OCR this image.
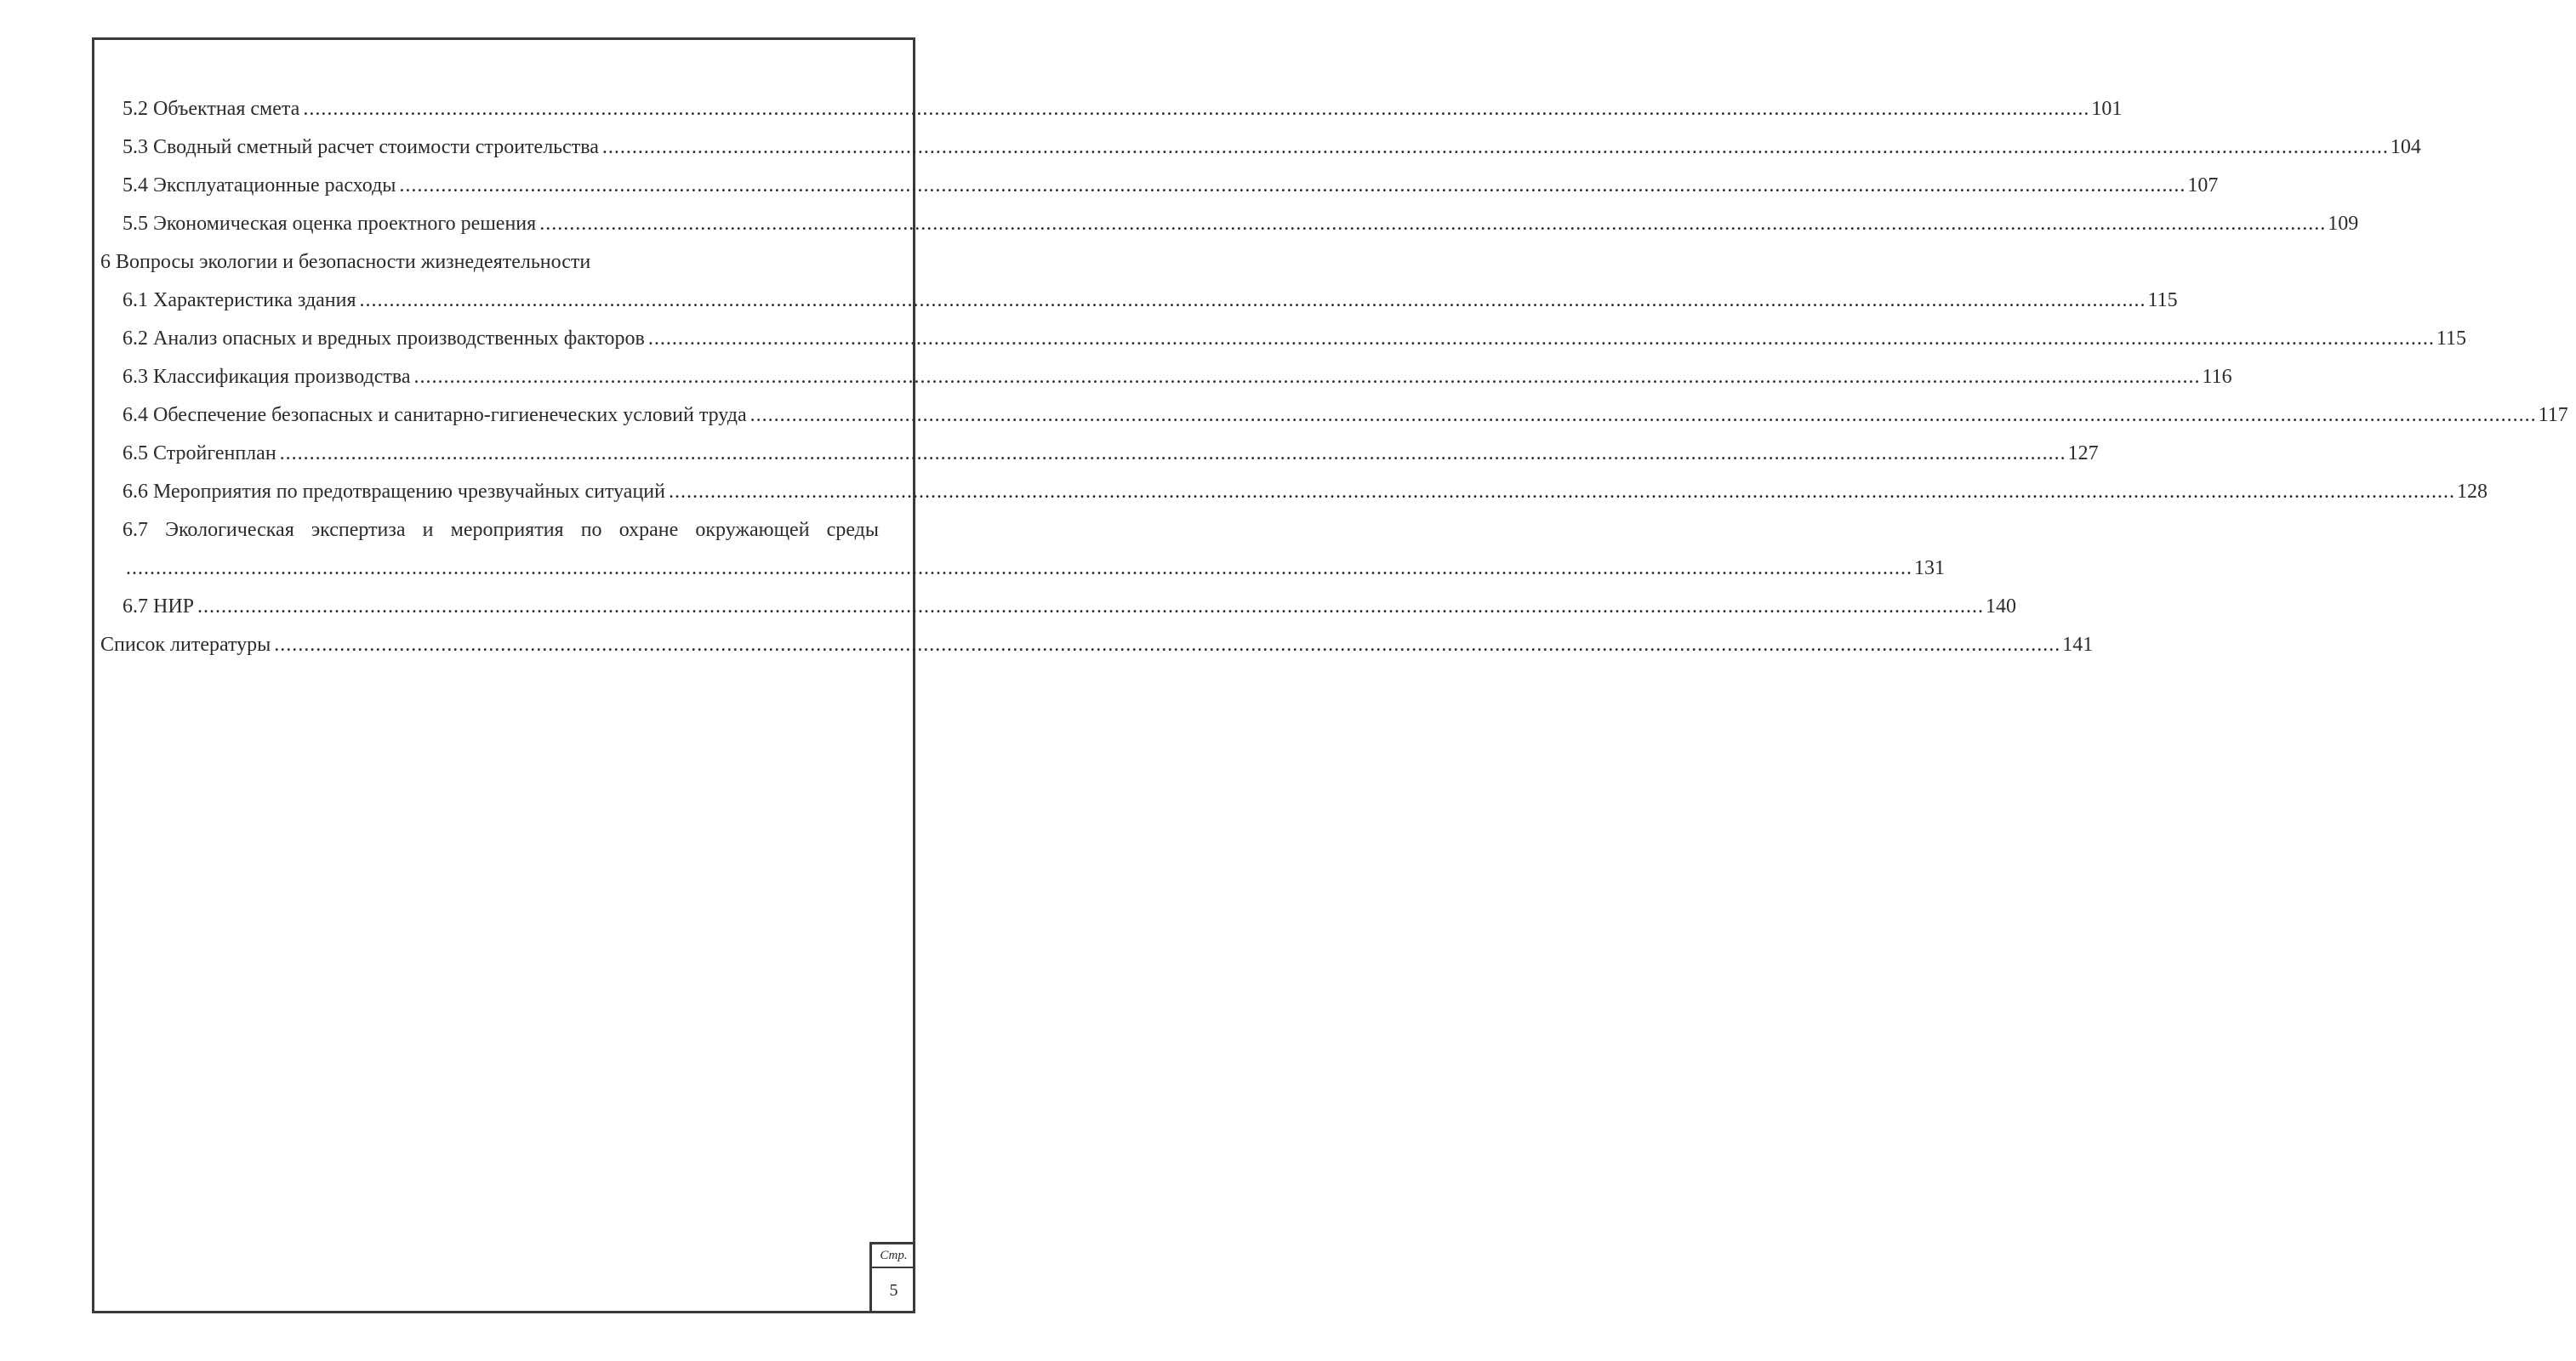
5.2 Объектная смета ............................................................................................................................................................................................................................................................................................................ 101
5.3 Сводный сметный расчет стоимости строительства ............................................................................................................................................................................................................................................................................................................ 104
5.4 Эксплуатационные расходы ............................................................................................................................................................................................................................................................................................................ 107
5.5 Экономическая оценка проектного решения ............................................................................................................................................................................................................................................................................................................ 109
6 Вопросы экологии и безопасности жизнедеятельности
6.1 Характеристика здания ............................................................................................................................................................................................................................................................................................................ 115
6.2 Анализ опасных и вредных производственных факторов ............................................................................................................................................................................................................................................................................................................ 115
6.3 Классификация производства ............................................................................................................................................................................................................................................................................................................ 116
6.4 Обеспечение безопасных и санитарно-гигиенеческих условий труда ............................................................................................................................................................................................................................................................................................................ 117
6.5 Стройгенплан ............................................................................................................................................................................................................................................................................................................ 127
6.6 Мероприятия по предотвращению чрезвучайных ситуаций ............................................................................................................................................................................................................................................................................................................ 128
6.7 Экологическая экспертиза и мероприятия по охране окружающей среды
............................................................................................................................................................................................................................................................................................................ 131
6.7 НИР ............................................................................................................................................................................................................................................................................................................ 140
Список литературы ............................................................................................................................................................................................................................................................................................................ 141
Стр.
5
